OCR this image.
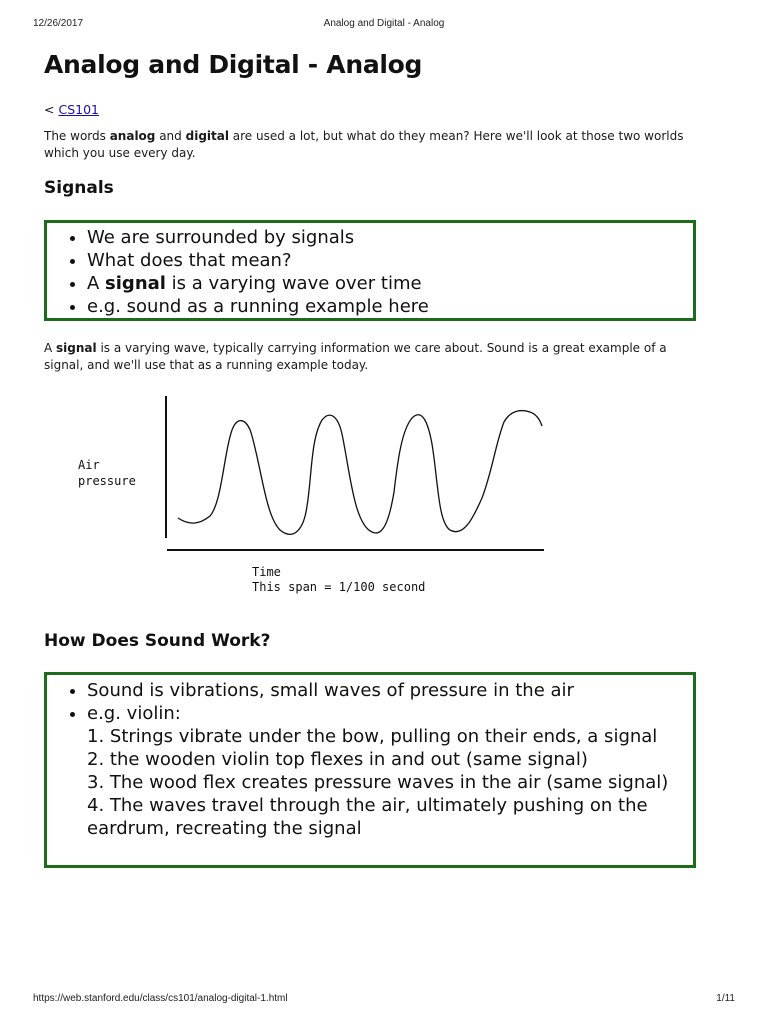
12/26/2017	Analog and Digital - Analog
Analog and Digital - Analog
< CS101

The words analog and digital are used a lot, but what do they mean? Here we'll look at those two worlds which you use every day.

Signals
• We are surrounded by signals
• What does that mean?
• A signal is a varying wave over time
• e.g. sound as a running example here

A signal is a varying wave, typically carrying information we care about. Sound is a great example of a signal, and we'll use that as a running example today.

Air
pressure
Time
This span = 1/100 second
How Does Sound Work?
• Sound is vibrations, small waves of pressure in the air
• e.g. violin:
1. Strings vibrate under the bow, pulling on their ends, a signal
2. the wooden violin top flexes in and out (same signal)
3. The wood flex creates pressure waves in the air (same signal)
4. The waves travel through the air, ultimately pushing on the eardrum, recreating the signal
https://web.stanford.edu/class/cs101/analog-digital-1.html	1/11
